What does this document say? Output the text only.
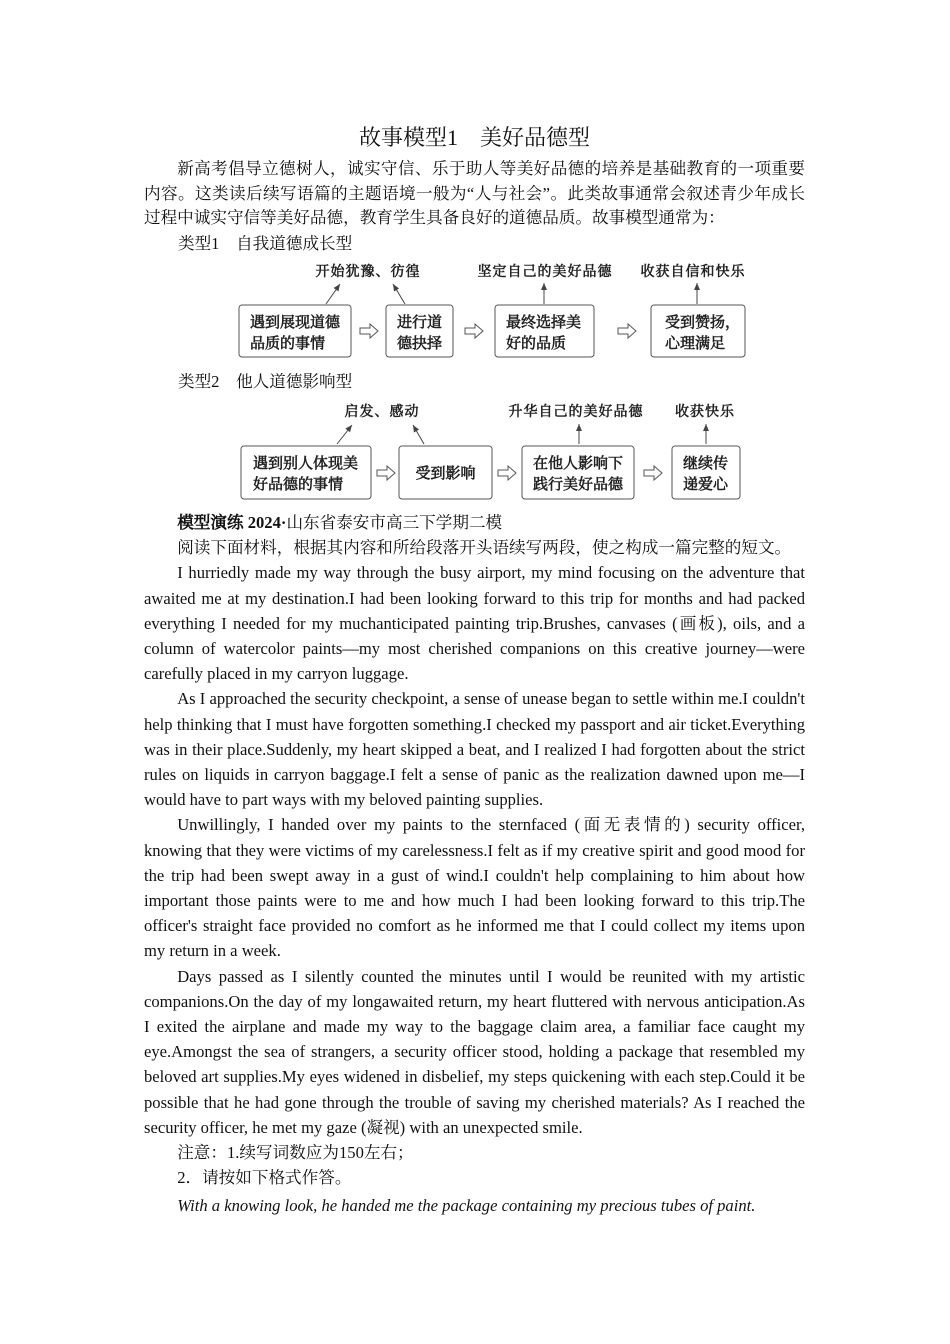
故事模型1　美好品德型

新高考倡导立德树人，诚实守信、乐于助人等美好品德的培养是基础教育的一项重要内容。这类读后续写语篇的主题语境一般为“人与社会”。此类故事通常会叙述青少年成长过程中诚实守信等美好品德，教育学生具备良好的道德品质。故事模型通常为：

类型1　自我道德成长型
开始犹豫、彷徨	坚定自己的美好品德 收获自信和快乐
遇到展现道德
品质的事情
进行道
德抉择
最终选择美
好的品质
受到赞扬，
心理满足
类型2　他人道德影响型
启发、感动	升华自己的美好品德 收获快乐
遇到别人体现美
好品德的事情
受到影响
在他人影响下
践行美好品德
继续传
递爱心

模型演练 2024·山东省泰安市高三下学期二模

阅读下面材料，根据其内容和所给段落开头语续写两段，使之构成一篇完整的短文。

I hurriedly made my way through the busy airport, my mind focusing on the adventure that awaited me at my destination.I had been looking forward to this trip for months and had packed everything I needed for my muchanticipated painting trip.Brushes, canvases (画板), oils, and a column of watercolor paints—my most cherished companions on this creative journey—were carefully placed in my carryon luggage.

As I approached the security checkpoint, a sense of unease began to settle within me.I couldn't help thinking that I must have forgotten something.I checked my passport and air ticket.Everything was in their place.Suddenly, my heart skipped a beat, and I realized I had forgotten about the strict rules on liquids in carryon baggage.I felt a sense of panic as the realization dawned upon me—I would have to part ways with my beloved painting supplies.

Unwillingly, I handed over my paints to the sternfaced (面无表情的) security officer, knowing that they were victims of my carelessness.I felt as if my creative spirit and good mood for the trip had been swept away in a gust of wind.I couldn't help complaining to him about how important those paints were to me and how much I had been looking forward to this trip.The officer's straight face provided no comfort as he informed me that I could collect my items upon my return in a week.

Days passed as I silently counted the minutes until I would be reunited with my artistic companions.On the day of my longawaited return, my heart fluttered with nervous anticipation.As I exited the airplane and made my way to the baggage claim area, a familiar face caught my eye.Amongst the sea of strangers, a security officer stood, holding a package that resembled my beloved art supplies.My eyes widened in disbelief, my steps quickening with each step.Could it be possible that he had gone through the trouble of saving my cherished materials? As I reached the security officer, he met my gaze (凝视) with an unexpected smile.

注意：1.续写词数应为150左右；

2．请按如下格式作答。

With a knowing look, he handed me the package containing my precious tubes of paint.
